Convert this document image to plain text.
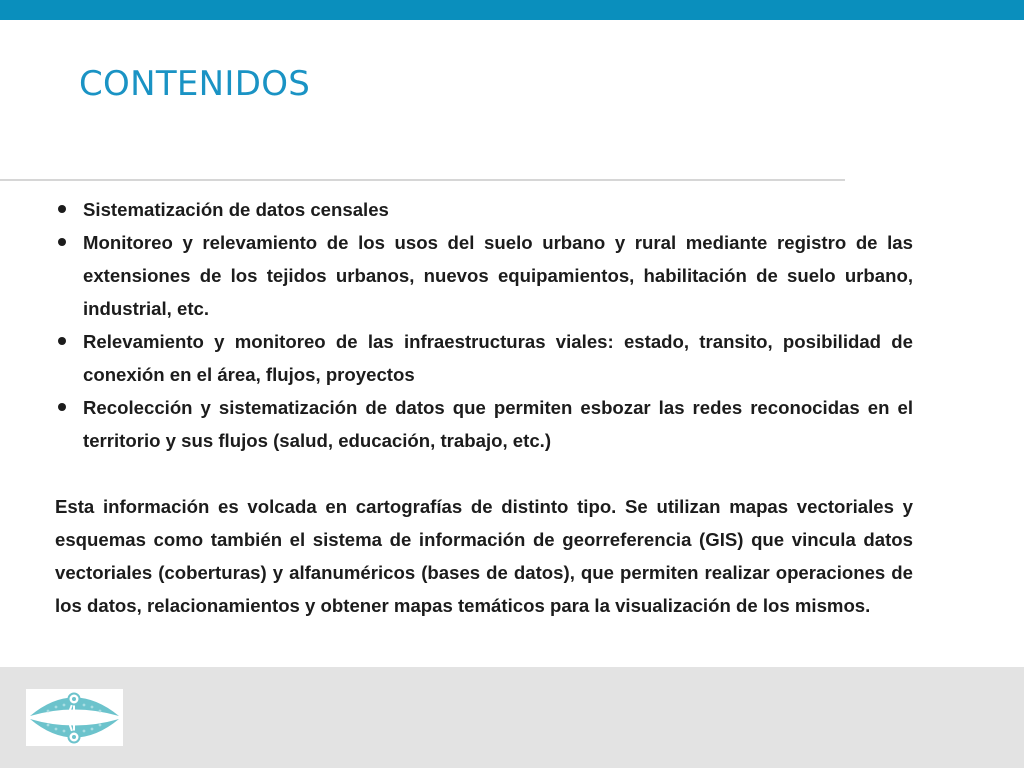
CONTENIDOS
Sistematización de datos censales
Monitoreo y relevamiento de los usos del suelo urbano y rural mediante registro de las extensiones de los tejidos urbanos, nuevos equipamientos, habilitación de suelo urbano, industrial, etc.
Relevamiento y monitoreo de las infraestructuras viales: estado, transito, posibilidad de conexión en el área, flujos, proyectos
Recolección y sistematización de datos que permiten esbozar las redes reconocidas en el territorio y sus flujos (salud, educación, trabajo, etc.)

Esta información es volcada en cartografías de distinto tipo. Se utilizan mapas vectoriales y esquemas como también el sistema de información de georreferencia (GIS) que vincula datos vectoriales (coberturas) y alfanuméricos (bases de datos), que permiten realizar operaciones de los datos, relacionamientos y obtener mapas temáticos para la visualización de los mismos.
